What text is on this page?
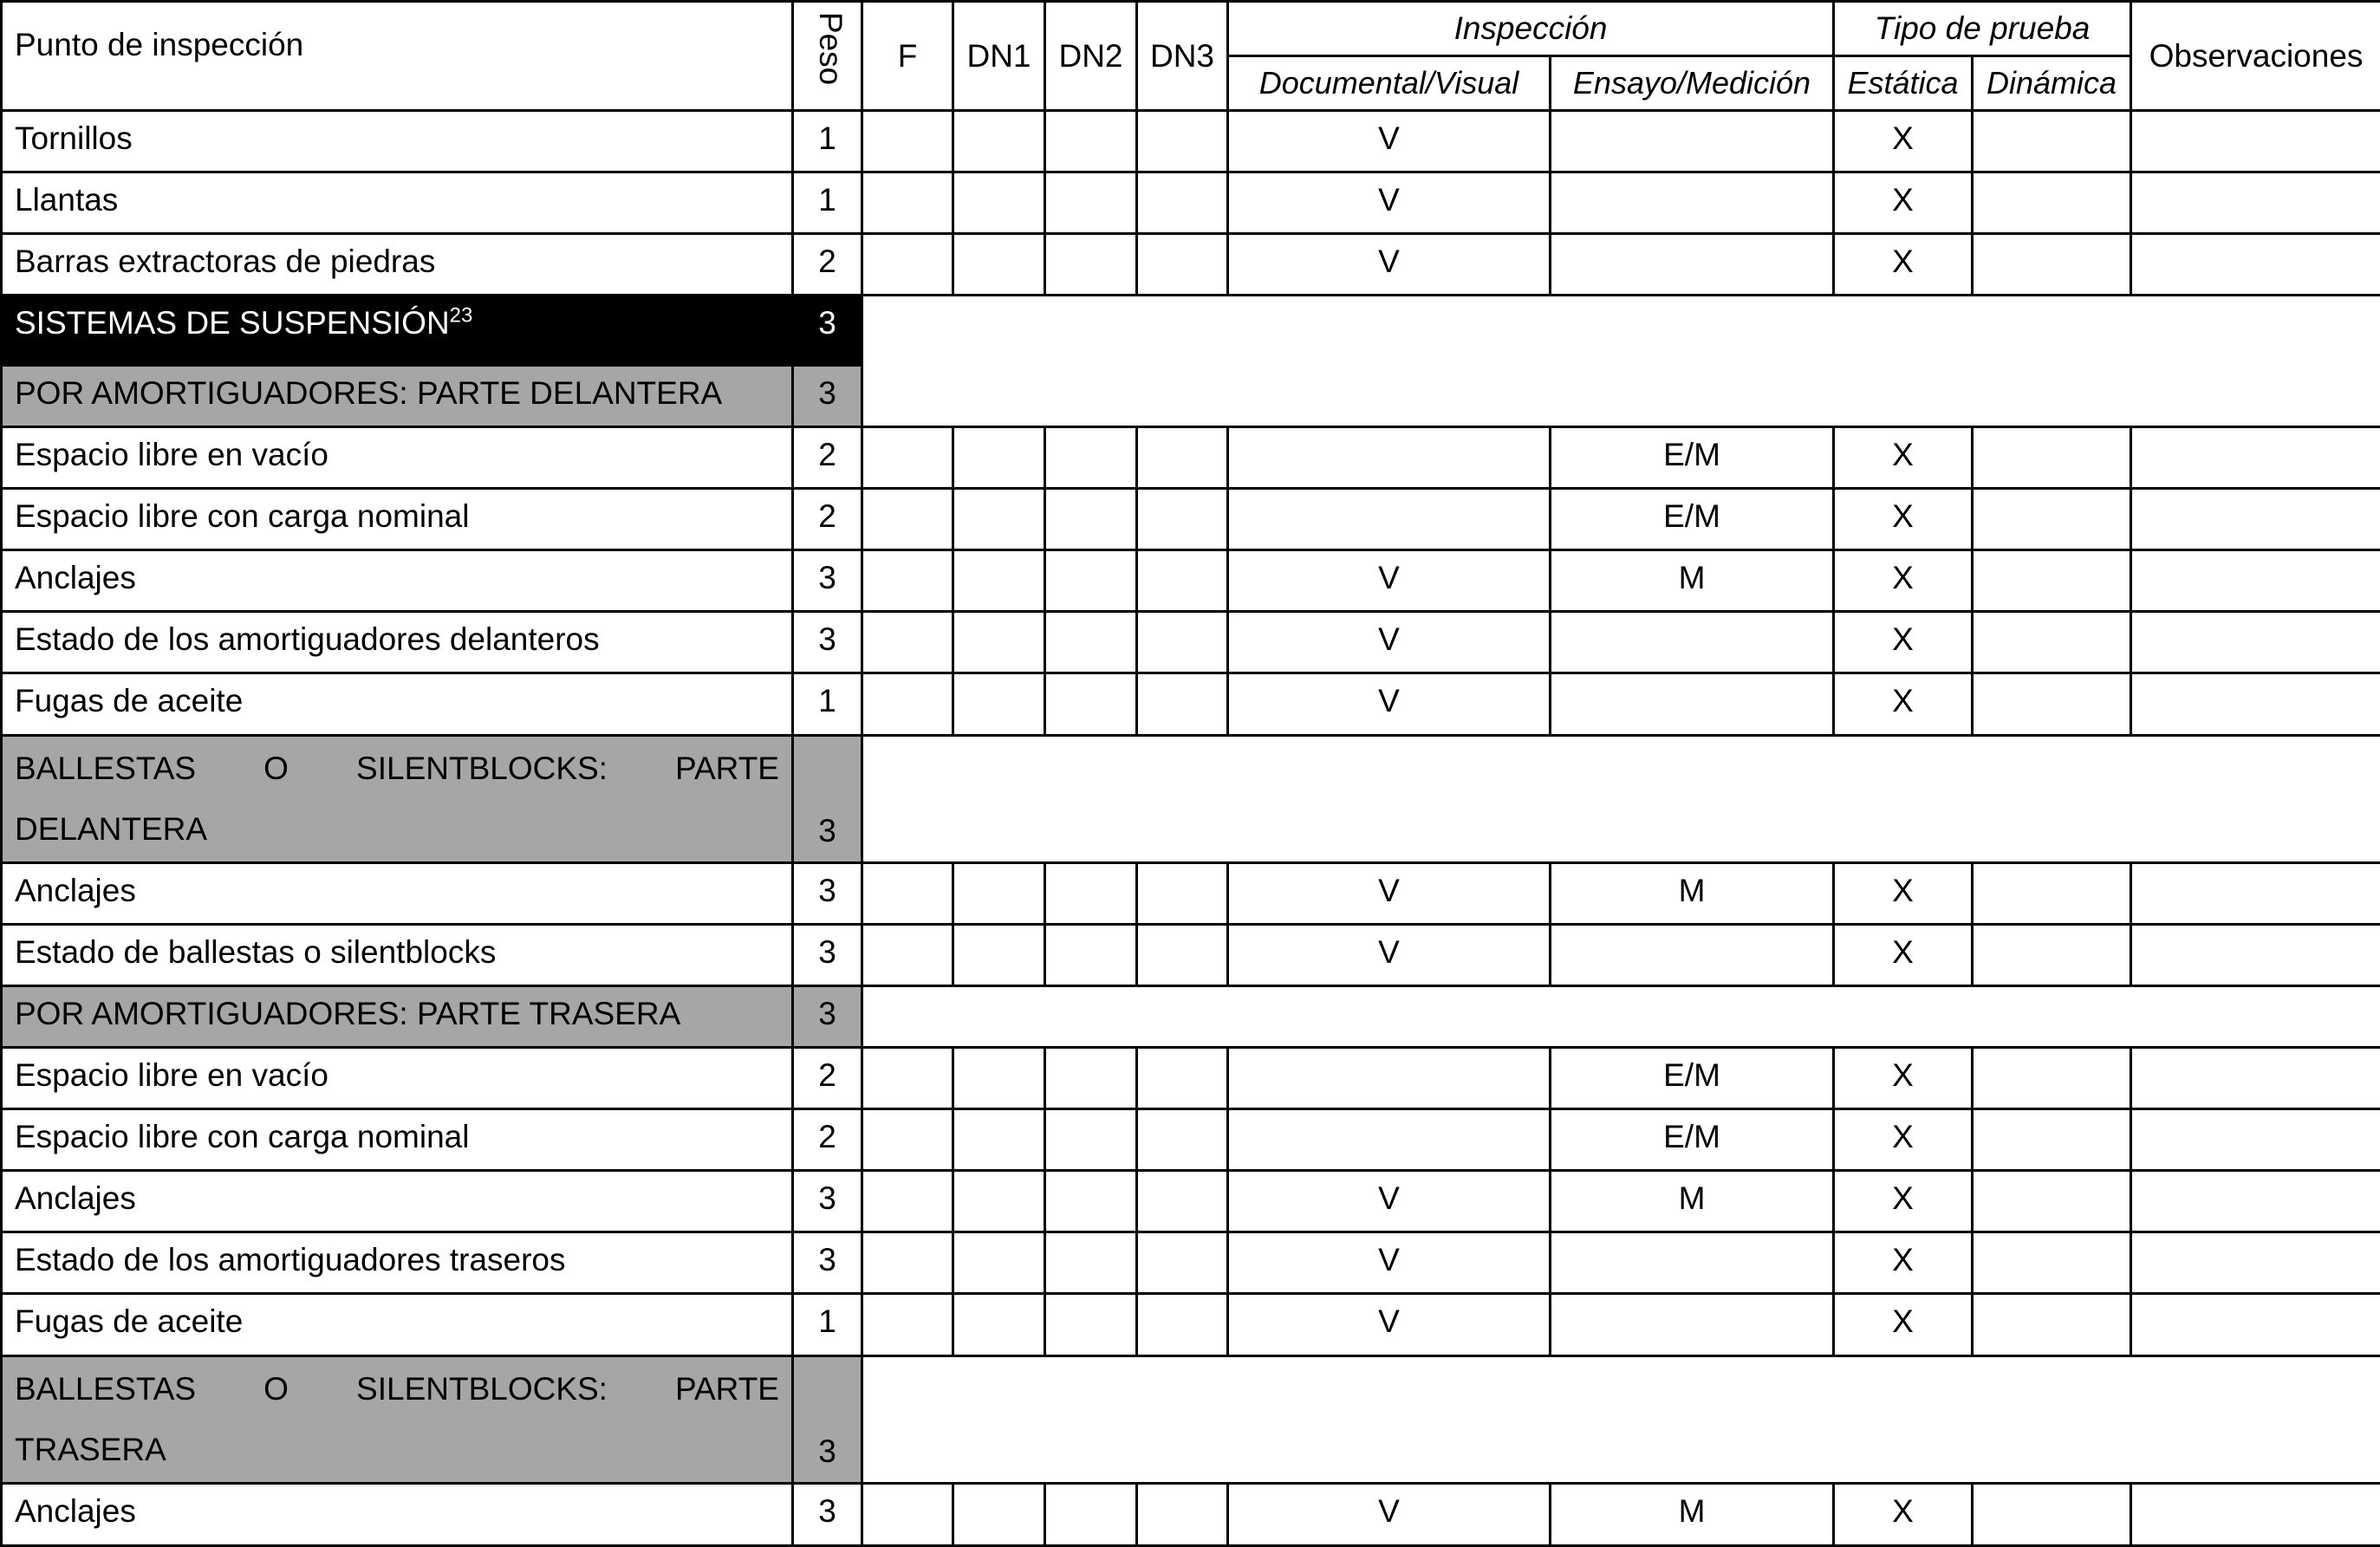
Punto de inspección	Peso	F	DN1	DN2	DN3	Inspección		Tipo de prueba		Observaciones
						Documental/Visual	Ensayo/Medición	Estática	Dinámica	
Tornillos	1					V		X		
Llantas	1					V		X		
Barras extractoras de piedras	2					V		X		
SISTEMAS DE SUSPENSIÓN$^{23}$	3									
POR AMORTIGUADORES: PARTE DELANTERA	3									
Espacio libre en vacío	2						E/M	X		
Espacio libre con carga nominal	2						E/M	X		
Anclajes	3					V	M	X		
Estado de los amortiguadores delanteros	3					V		X		
Fugas de aceite	1					V		X		

BALLESTAS O SILENTBLOCKS: PARTE
DELANTERA	3									
Anclajes	3					V	M	X		
Estado de ballestas o silentblocks	3					V		X		
POR AMORTIGUADORES: PARTE TRASERA	3									
Espacio libre en vacío	2						E/M	X		
Espacio libre con carga nominal	2						E/M	X		
Anclajes	3					V	M	X		
Estado de los amortiguadores traseros	3					V		X		
Fugas de aceite	1					V		X		

BALLESTAS O SILENTBLOCKS: PARTE
TRASERA	3									
Anclajes	3					V	M	X		
